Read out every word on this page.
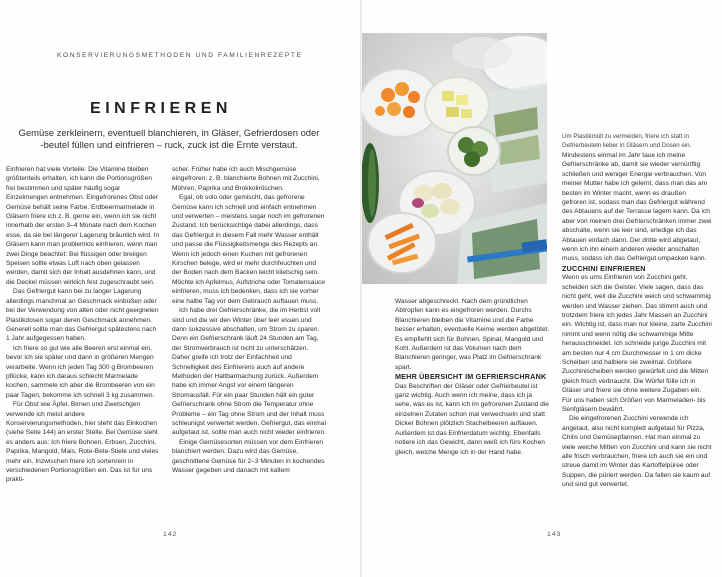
KONSERVIERUNGSMETHODEN UND FAMILIENREZEPTE
EINFRIEREN
Gemüse zerkleinern, eventuell blanchieren, in Gläser, Gefrierdosen oder -beutel füllen und einfrieren – ruck, zuck ist die Ernte verstaut.

Einfrieren hat viele Vorteile: Die Vitamine bleiben größtenteils erhalten, ich kann die Portionsgrößen frei bestimmen und später häufig sogar Einzelmengen entnehmen. Eingefrorenes Obst oder Gemüse behält seine Farbe. Erdbeermarmelade in Gläsern friere ich z. B. gerne ein, wenn ich sie nicht innerhalb der ersten 3–4 Monate nach dem Kochen esse, da sie bei längerer Lagerung bräunlich wird. In Gläsern kann man problemlos einfrieren, wenn man zwei Dinge beachtet: Bei flüssigen oder breiigen Speisen sollte etwas Luft nach oben gelassen werden, damit sich der Inhalt ausdehnen kann, und die Deckel müssen wirklich fest zugeschraubt sein.

Das Gefriergut kann bei zu langer Lagerung allerdings manchmal an Geschmack einbüßen oder bei der Verwendung von alten oder nicht geeigneten Plastikdosen sogar deren Geschmack annehmen. Generell sollte man das Gefriergut spätestens nach 1 Jahr aufgegessen haben.

Ich friere so gut wie alle Beeren erst einmal ein, bevor ich sie später und dann in größeren Mengen verarbeite. Wenn ich jeden Tag 300 g Brombeeren pflücke, kann ich daraus schlecht Marmelade kochen, sammele ich aber die Brombeeren von ein paar Tagen, bekomme ich schnell 3 kg zusammen.

Für Obst wie Äpfel, Birnen und Zwetschgen verwende ich meist andere Konservierungsmethoden, hier steht das Einkochen (siehe Seite 144) an erster Stelle. Bei Gemüse sieht es anders aus: Ich friere Bohnen, Erbsen, Zucchini, Paprika, Mangold, Mais, Rote-Bete-Stiele und vieles mehr ein. Inzwischen friere ich sortenrein in verschiedenen Portionsgrößen ein. Das ist für uns prakti-

scher. Früher habe ich auch Mischgemüse eingefroren: z. B. blanchierte Bohnen mit Zucchini, Möhren, Paprika und Brokkoliröschen.

Egal, ob solo oder gemischt, das gefrorene Gemüse kann ich schnell und einfach entnehmen und verwerten – meistens sogar noch im gefrorenen Zustand. Ich berücksichtige dabei allerdings, dass das Gefriergut in diesem Fall mehr Wasser enthält und passe die Flüssigkeitsmenge des Rezepts an. Wenn ich jedoch einen Kuchen mit gefrorenen Kirschen belege, wird er mehr durchfeuchten und der Boden nach dem Backen leicht klietschig sein. Möchte ich Apfelmus, Aufstriche oder Tomatensauce einfrieren, muss ich bedenken, dass ich sie vorher eine halbe Tag vor dem Gebrauch auftauen muss.

Ich habe drei Gefrierschränke, die im Herbst voll sind und die wir den Winter über leer essen und dann sukzessive abschalten, um Strom zu sparen. Denn ein Gefrierschrank läuft 24 Stunden am Tag, der Stromverbrauch ist nicht zu unterschätzen. Daher greife ich trotz der Einfachheit und Schnelligkeit des Einfrierens auch auf andere Methoden der Haltbarmachung zurück. Außerdem habe ich immer Angst vor einem längeren Stromausfall. Für ein paar Stunden hält ein guter Gefrierschrank ohne Strom die Temperatur ohne Probleme – ein Tag ohne Strom und der Inhalt muss schleunigst verwertet werden. Gefriergut, das einmal aufgetaut ist, sollte man auch nicht wieder einfrieren.

Einige Gemüsesorten müssen vor dem Einfrieren blanchiert werden: Dazu wird das Gemüse, geschnittene Gemüse für 2–3 Minuten in kochendes Wasser gegeben und danach mit kaltem

142
Um Plastikmüll zu vermeiden, friere ich statt in Gefrierbeuteln lieber in Gläsern und Dosen ein.

Wasser abgeschreckt. Nach dem gründlichen Abtropfen kann es eingefroren werden. Durchs Blanchieren bleiben die Vitamine und die Farbe besser erhalten, eventuelle Keime werden abgetötet. Es empfiehlt sich für Bohnen, Spinat, Mangold und Kohl. Außerdem ist das Volumen nach dem Blanchieren geringer, was Platz im Gefrierschrank spart.

MEHR ÜBERSICHT IM GEFRIERSCHRANK

Das Beschriften der Gläser oder Gefrierbeutel ist ganz wichtig. Auch wenn ich meine, dass ich ja sehe, was es ist, kann ich im gefrorenen Zustand die einzelnen Zutaten schon mal verwechseln und statt Dicker Bohnen plötzlich Stachelbeeren auftauen. Außerdem ist das Einfrierdatum wichtig. Ebenfalls notiere ich das Gewicht, dann weiß ich fürs Kochen gleich, welche Menge ich in der Hand habe.

Mindestens einmal im Jahr taue ich meine Gefrierschränke ab, damit sie wieder vernünftig schließen und weniger Energie verbrauchen. Von meiner Mutter habe ich gelernt, dass man das am besten im Winter macht, wenn es draußen gefroren ist, sodass man das Gefriergut während des Abtauens auf der Terrasse lagern kann. Da ich aber von meinen drei Gefrierschränken immer zwei abschalte, wenn sie leer sind, erledige ich das Abtauen einfach dann. Der dritte wird abgetaut, wenn ich ihn einem anderen wieder anschalten muss, sodass ich das Gefriergut umpacken kann.

ZUCCHINI EINFRIEREN

Wenn es ums Einfrieren von Zucchini geht, scheiden sich die Geister. Viele sagen, dass das nicht geht, weil die Zucchini weich und schwammig werden und Wasser ziehen. Das stimmt auch und trotzdem friere ich jedes Jahr Massen an Zucchini ein. Wichtig ist, dass man nur kleine, zarte Zucchini nimmt und wenn nötig die schwammige Mitte herausschneidet. Ich schneide junge Zucchini mit am besten nur 4 cm Durchmesser in 1 cm dicke Scheiben und halbiere sie zweimal. Größere Zucchinischeiben werden gewürfelt und die Mitten gleich frisch verbraucht. Die Würfel fülle ich in Gläser und friere sie ohne weitere Zugaben ein. Für uns haben sich Größen von Marmeladen- bis Senfgläsern bewährt.

Die eingefrorenen Zucchini verwende ich angetaut, also nicht komplett aufgetaut für Pizza, Chilis und Gemüsepfannen. Hat man einmal zu viele weiche Mitten von Zucchini und kann sie nicht alle frisch verbrauchen, friere ich auch sie ein und streue damit im Winter das Kartoffelpüree oder Suppen, die püriert werden. Da fallen sie kaum auf und sind gut verwertet.

143
